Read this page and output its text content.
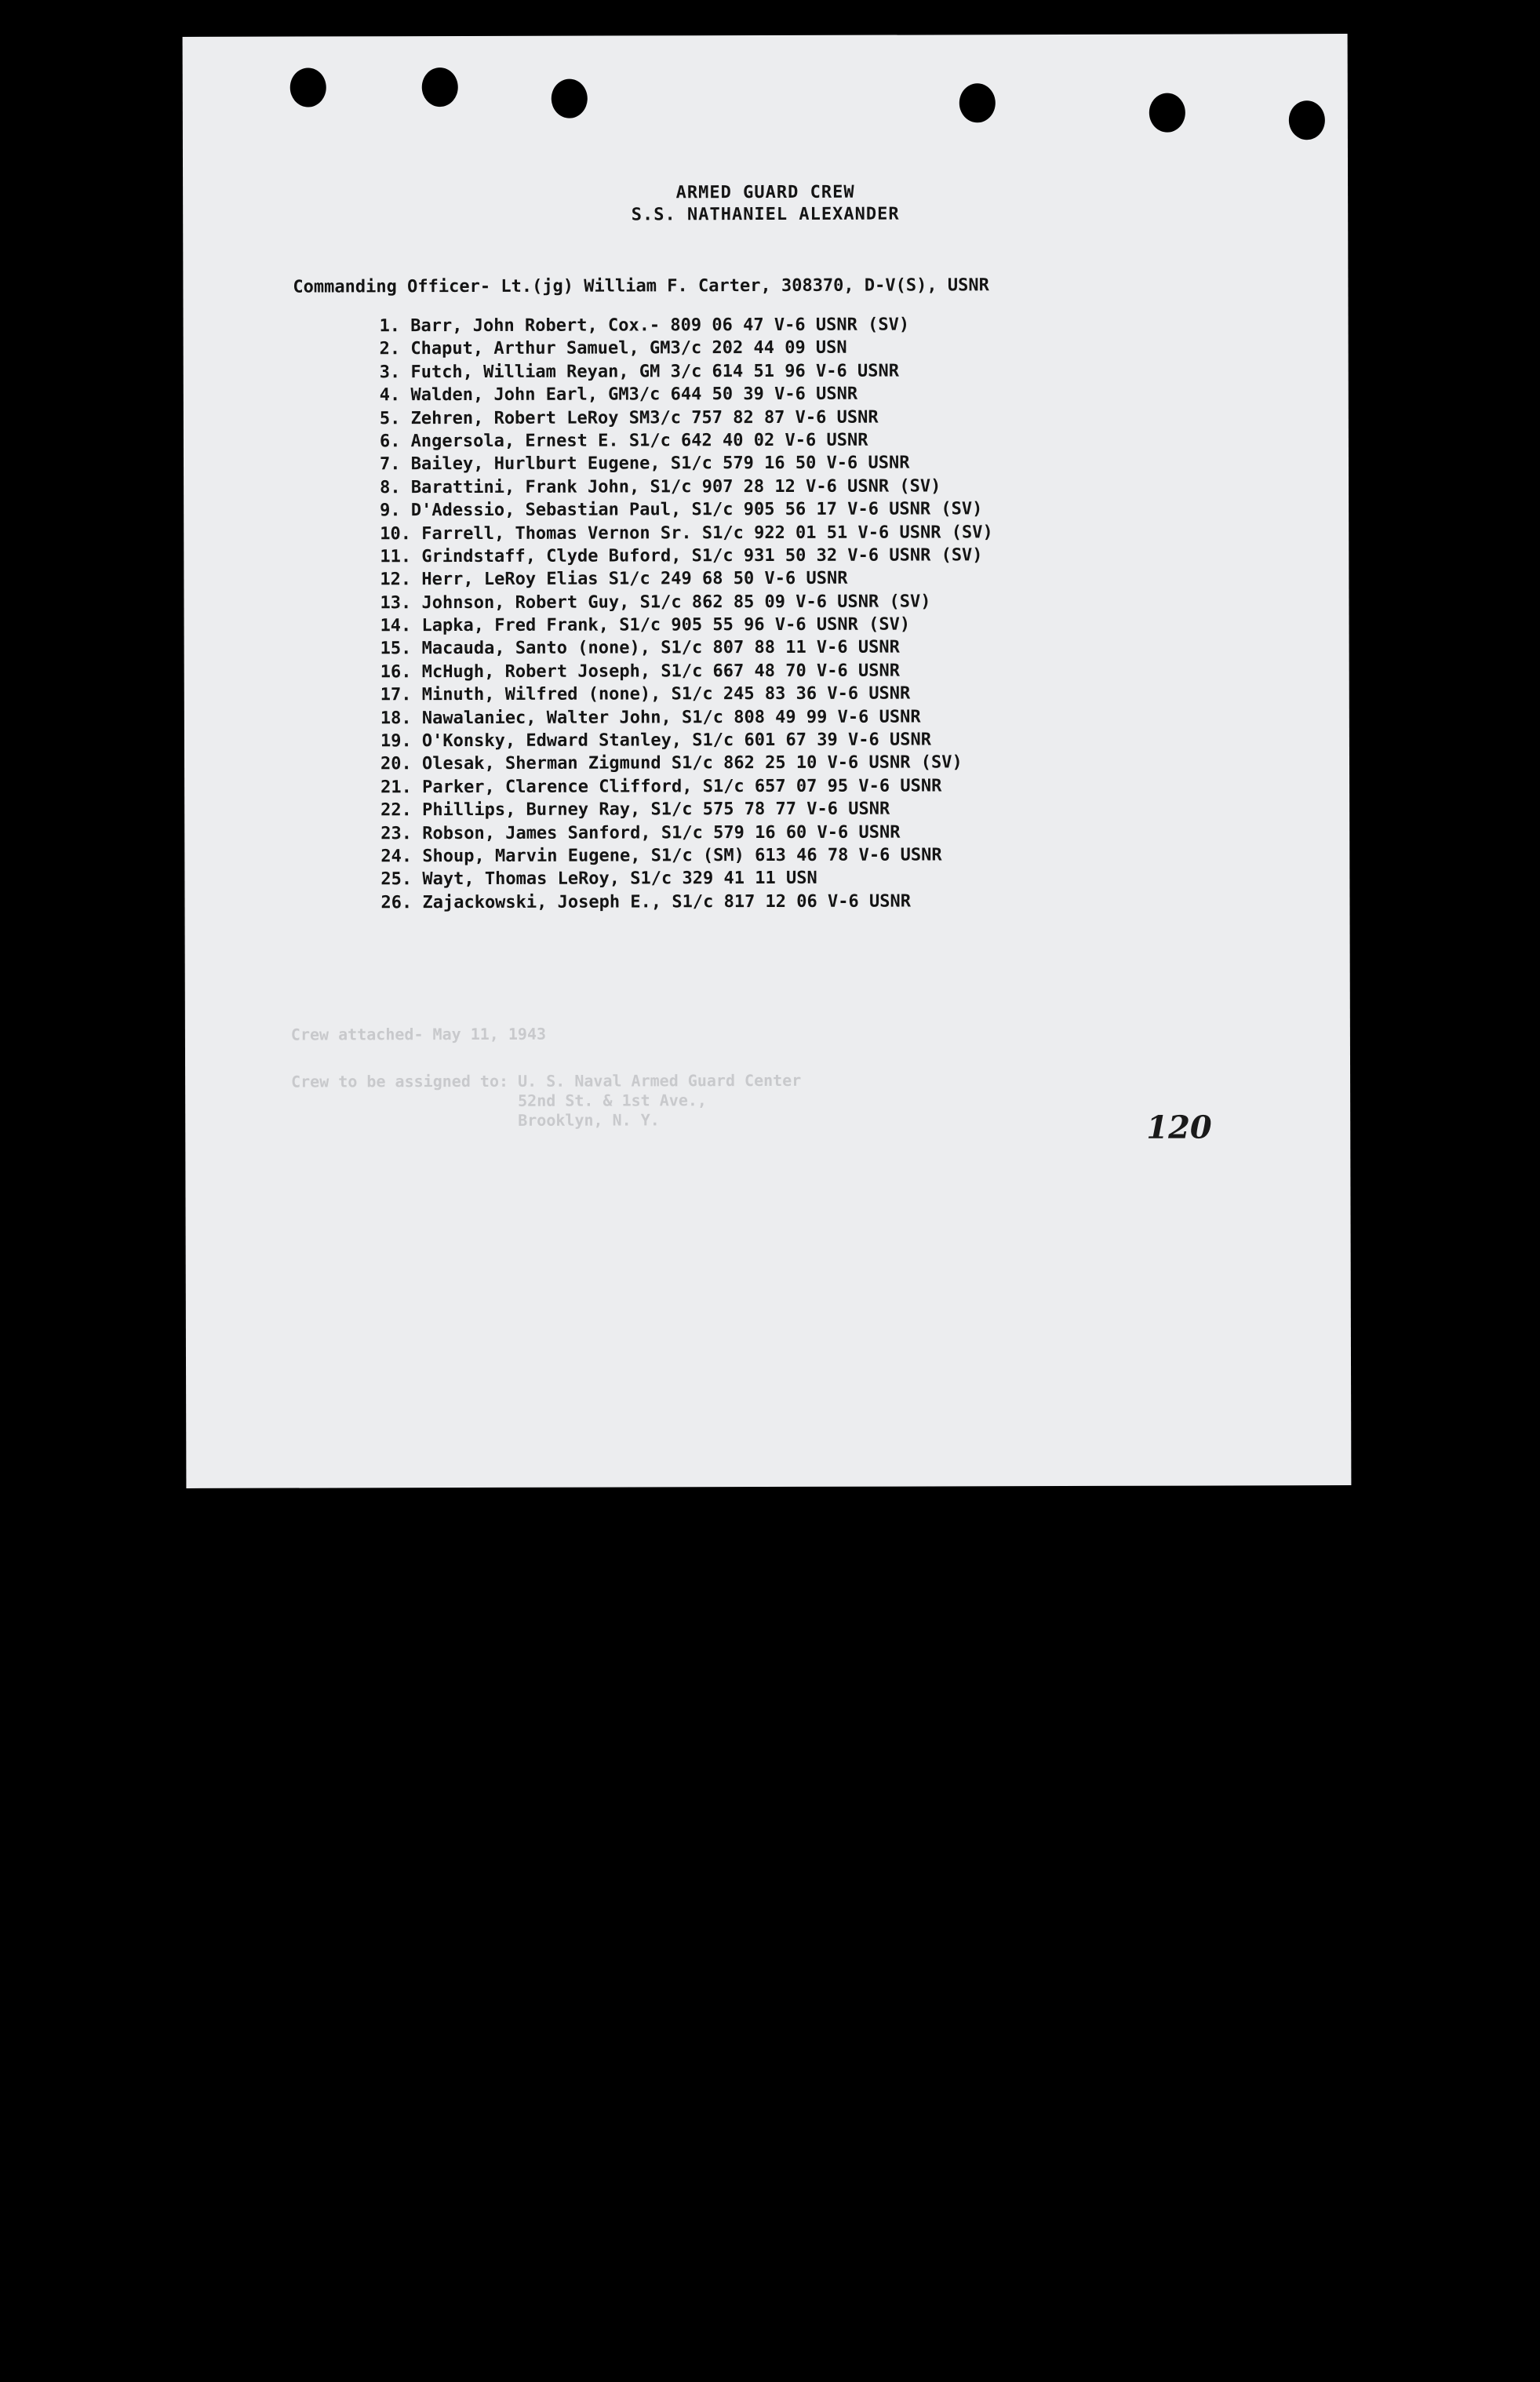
ARMED GUARD CREW
S.S. NATHANIEL ALEXANDER
Commanding Officer- Lt.(jg) William F. Carter, 308370, D-V(S), USNR
1. Barr, John Robert, Cox.- 809 06 47 V-6 USNR (SV)
2. Chaput, Arthur Samuel, GM3/c 202 44 09 USN
3. Futch, William Reyan, GM 3/c 614 51 96 V-6 USNR
4. Walden, John Earl, GM3/c 644 50 39 V-6 USNR
5. Zehren, Robert LeRoy SM3/c 757 82 87 V-6 USNR
6. Angersola, Ernest E. S1/c 642 40 02 V-6 USNR
7. Bailey, Hurlburt Eugene, S1/c 579 16 50 V-6 USNR
8. Barattini, Frank John, S1/c 907 28 12 V-6 USNR (SV)
9. D'Adessio, Sebastian Paul, S1/c 905 56 17 V-6 USNR (SV)
10. Farrell, Thomas Vernon Sr. S1/c 922 01 51 V-6 USNR (SV)
11. Grindstaff, Clyde Buford, S1/c 931 50 32 V-6 USNR (SV)
12. Herr, LeRoy Elias S1/c 249 68 50 V-6 USNR
13. Johnson, Robert Guy, S1/c 862 85 09 V-6 USNR (SV)
14. Lapka, Fred Frank, S1/c 905 55 96 V-6 USNR (SV)
15. Macauda, Santo (none), S1/c 807 88 11 V-6 USNR
16. McHugh, Robert Joseph, S1/c 667 48 70 V-6 USNR
17. Minuth, Wilfred (none), S1/c 245 83 36 V-6 USNR
18. Nawalaniec, Walter John, S1/c 808 49 99 V-6 USNR
19. O'Konsky, Edward Stanley, S1/c 601 67 39 V-6 USNR
20. Olesak, Sherman Zigmund S1/c 862 25 10 V-6 USNR (SV)
21. Parker, Clarence Clifford, S1/c 657 07 95 V-6 USNR
22. Phillips, Burney Ray, S1/c 575 78 77 V-6 USNR
23. Robson, James Sanford, S1/c 579 16 60 V-6 USNR
24. Shoup, Marvin Eugene, S1/c (SM) 613 46 78 V-6 USNR
25. Wayt, Thomas LeRoy, S1/c 329 41 11 USN
26. Zajackowski, Joseph E., S1/c 817 12 06 V-6 USNR
Crew attached- May 11, 1943
Crew to be assigned to: U. S. Naval Armed Guard Center
52nd St. & 1st Ave.,
Brooklyn, N. Y.	120
